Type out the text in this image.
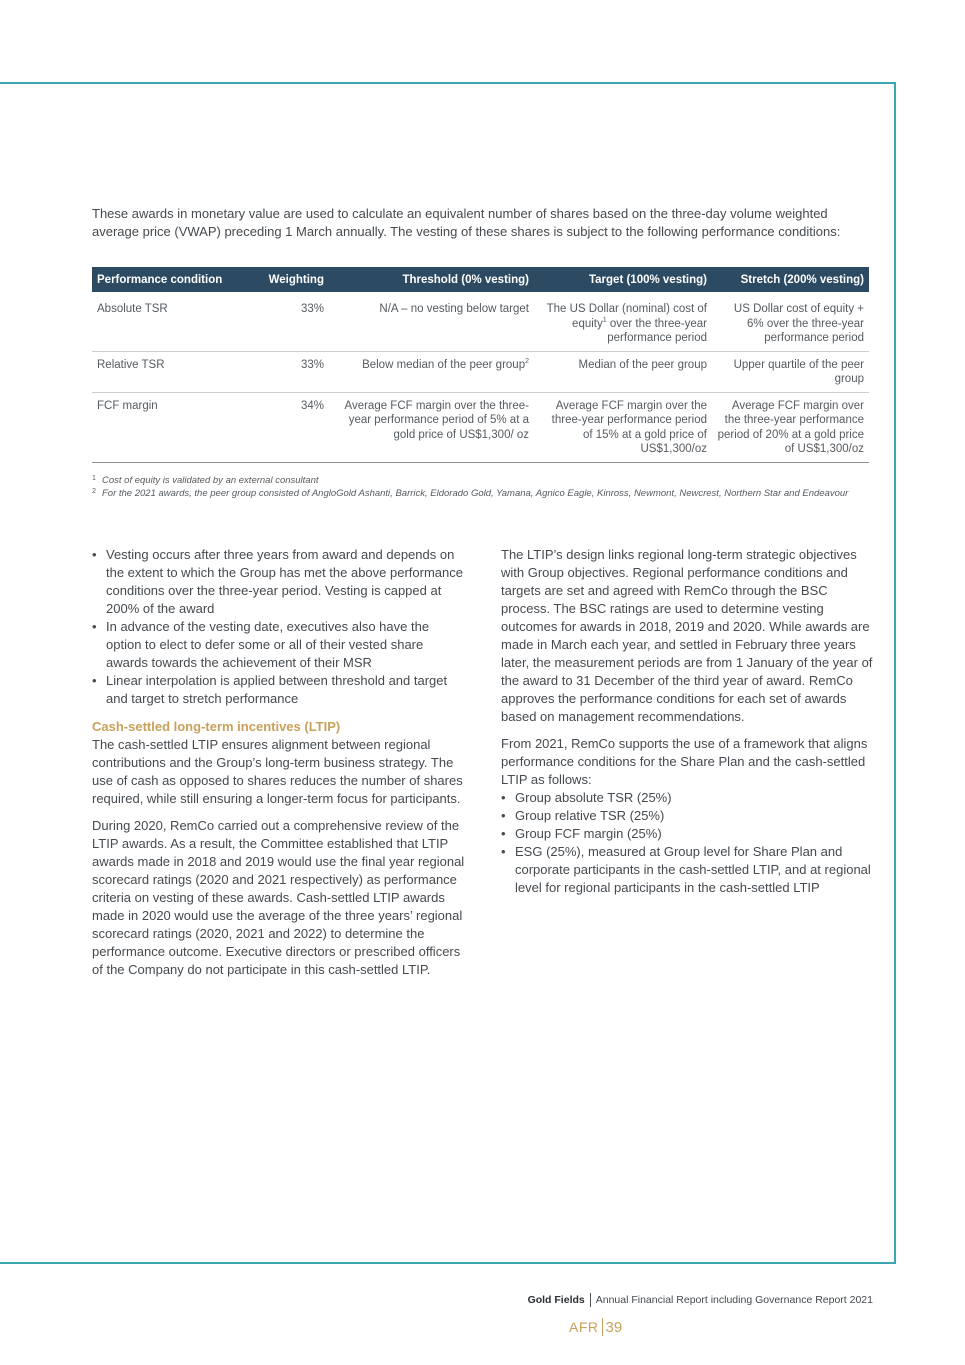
These awards in monetary value are used to calculate an equivalent number of shares based on the three-day volume weighted average price (VWAP) preceding 1 March annually. The vesting of these shares is subject to the following performance conditions:

Performance condition	Weighting	Threshold (0% vesting)	Target (100% vesting)	Stretch (200% vesting)
Absolute TSR	33%	N/A – no vesting below target	The US Dollar (nominal) cost of equity$^1$ over the three-year performance period	US Dollar cost of equity + 6% over the three-year performance period
Relative TSR	33%	Below median of the peer group$^2$	Median of the peer group	Upper quartile of the peer group
FCF margin	34%	Average FCF margin over the three-year performance period of 5% at a gold price of US$1,300/ oz	Average FCF margin over the three-year performance period of 15% at a gold price of US$1,300/oz	Average FCF margin over the three-year performance period of 20% at a gold price of US$1,300/oz
1 Cost of equity is validated by an external consultant
2 For the 2021 awards, the peer group consisted of AngloGold Ashanti, Barrick, Eldorado Gold, Yamana, Agnico Eagle, Kinross, Newmont, Newcrest, Northern Star and Endeavour
• Vesting occurs after three years from award and depends on the extent to which the Group has met the above performance conditions over the three-year period. Vesting is capped at 200% of the award
• In advance of the vesting date, executives also have the option to elect to defer some or all of their vested share awards towards the achievement of their MSR
• Linear interpolation is applied between threshold and target and target to stretch performance
Cash-settled long-term incentives (LTIP)

The cash-settled LTIP ensures alignment between regional contributions and the Group’s long-term business strategy. The use of cash as opposed to shares reduces the number of shares required, while still ensuring a longer-term focus for participants.

During 2020, RemCo carried out a comprehensive review of the LTIP awards. As a result, the Committee established that LTIP awards made in 2018 and 2019 would use the final year regional scorecard ratings (2020 and 2021 respectively) as performance criteria on vesting of these awards. Cash-settled LTIP awards made in 2020 would use the average of the three years’ regional scorecard ratings (2020, 2021 and 2022) to determine the performance outcome. Executive directors or prescribed officers of the Company do not participate in this cash-settled LTIP.

The LTIP’s design links regional long-term strategic objectives with Group objectives. Regional performance conditions and targets are set and agreed with RemCo through the BSC process. The BSC ratings are used to determine vesting outcomes for awards in 2018, 2019 and 2020. While awards are made in March each year, and settled in February three years later, the measurement periods are from 1 January of the year of the award to 31 December of the third year of award. RemCo approves the performance conditions for each set of awards based on management recommendations.

From 2021, RemCo supports the use of a framework that aligns performance conditions for the Share Plan and the cash-settled LTIP as follows:

• Group absolute TSR (25%)
• Group relative TSR (25%)
• Group FCF margin (25%)
• ESG (25%), measured at Group level for Share Plan and corporate participants in the cash-settled LTIP, and at regional level for regional participants in the cash-settled LTIP
Gold Fields Annual Financial Report including Governance Report 2021
AFR 39
